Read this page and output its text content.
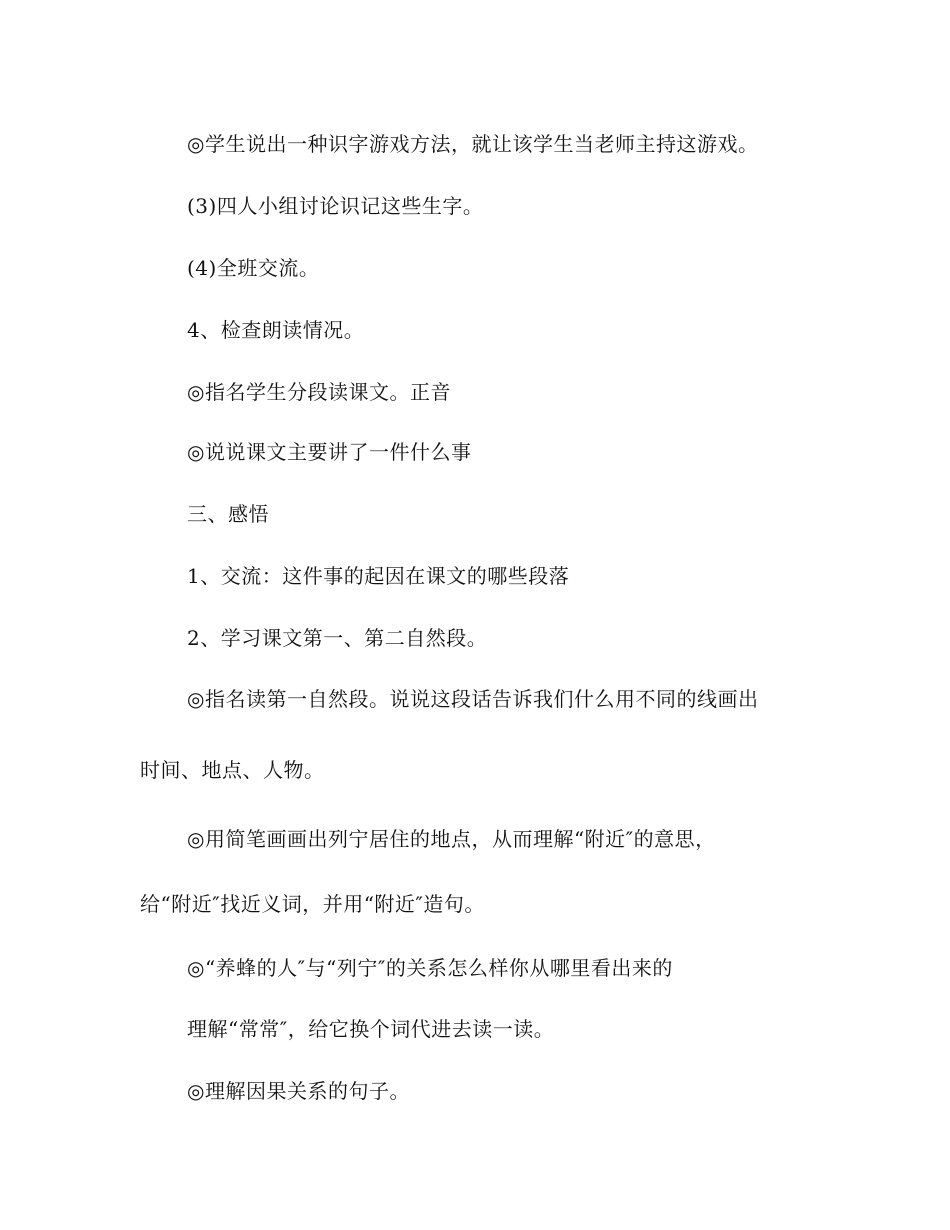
◎学生说出一种识字游戏方法，就让该学生当老师主持这游戏。
(3)四人小组讨论识记这些生字。
(4)全班交流。
4、检查朗读情况。
◎指名学生分段读课文。正音
◎说说课文主要讲了一件什么事
三、感悟
1、交流：这件事的起因在课文的哪些段落
2、学习课文第一、第二自然段。
◎指名读第一自然段。说说这段话告诉我们什么用不同的线画出
时间、地点、人物。
◎用简笔画画出列宁居住的地点，从而理解“附近″的意思，
给“附近″找近义词，并用“附近″造句。
◎“养蜂的人″与“列宁″的关系怎么样你从哪里看出来的
理解“常常″，给它换个词代进去读一读。
◎理解因果关系的句子。
